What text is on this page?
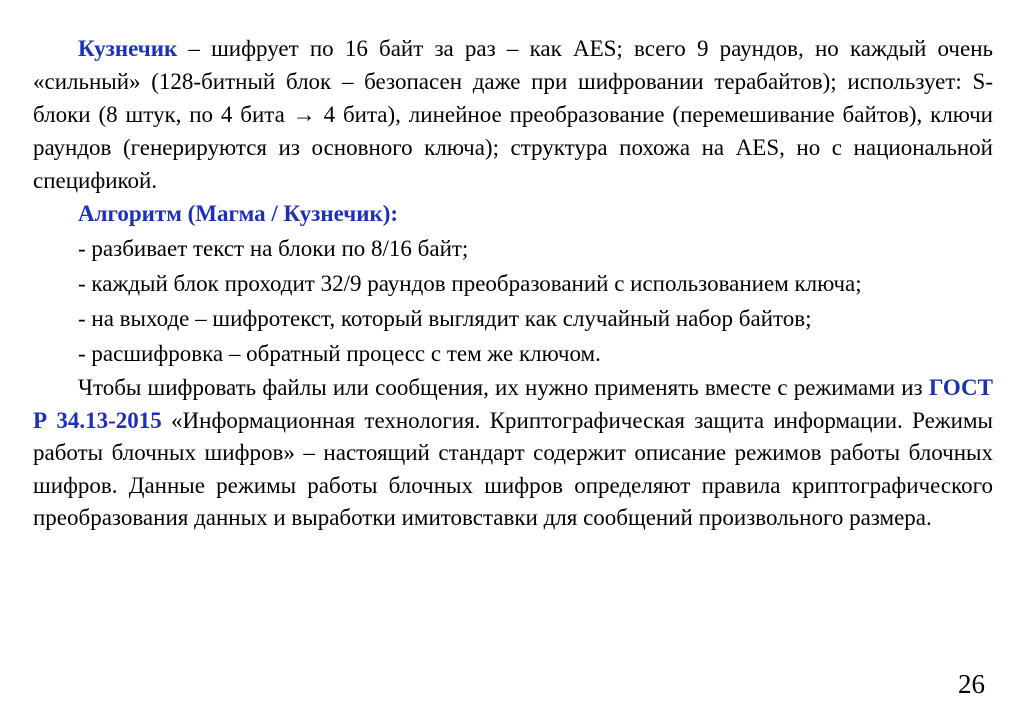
Кузнечик – шифрует по 16 байт за раз – как AES; всего 9 раундов, но каждый очень «сильный» (128-битный блок – безопасен даже при шифровании терабайтов); использует: S-блоки (8 штук, по 4 бита → 4 бита), линейное преобразование (перемешивание байтов), ключи раундов (генерируются из основного ключа); структура похожа на AES, но с национальной спецификой.

Алгоритм (Магма / Кузнечик):

- разбивает текст на блоки по 8/16 байт;
- каждый блок проходит 32/9 раундов преобразований с использованием ключа;
- на выходе – шифротекст, который выглядит как случайный набор байтов;
- расшифровка – обратный процесс с тем же ключом.

Чтобы шифровать файлы или сообщения, их нужно применять вместе с режимами из ГОСТ Р 34.13-2015 «Информационная технология. Криптографическая защита информации. Режимы работы блочных шифров» – настоящий стандарт содержит описание режимов работы блочных шифров. Данные режимы работы блочных шифров определяют правила криптографического преобразования данных и выработки имитовставки для сообщений произвольного размера.

26
